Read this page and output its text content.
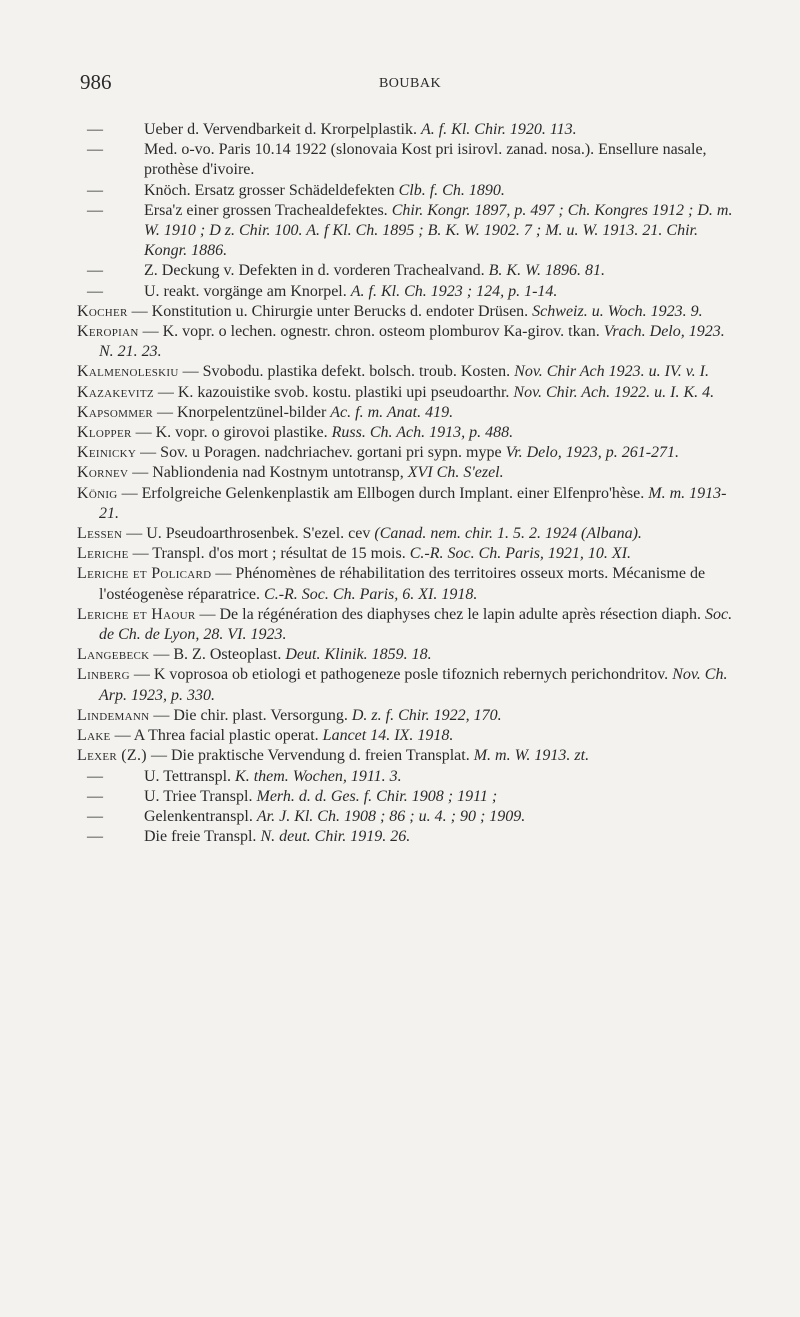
986	BOUBAK

—	Ueber d. Vervendbarkeit d. Krorpelplastik. A. f. Kl. Chir. 1920. 113.

—	Med. o-vo. Paris 10.14 1922 (slonovaia Kost pri isirovl. zanad. nosa.). Ensellure nasale, prothèse d'ivoire.

—	Knöch. Ersatz grosser Schädeldefekten Clb. f. Ch. 1890.

—	Ersa'z einer grossen Trachealdefektes. Chir. Kongr. 1897, p. 497 ; Ch. Kongres 1912 ; D. m. W. 1910 ; D z. Chir. 100. A. f Kl. Ch. 1895 ; B. K. W. 1902. 7 ; M. u. W. 1913. 21. Chir. Kongr. 1886.

—	Z. Deckung v. Defekten in d. vorderen Trachealvand. B. K. W. 1896. 81.

—	U. reakt. vorgänge am Knorpel. A. f. Kl. Ch. 1923 ; 124, p. 1-14.

Kocher — Konstitution u. Chirurgie unter Berucks d. endoter Drüsen. Schweiz. u. Woch. 1923. 9.

Keropian — K. vopr. o lechen. ognestr. chron. osteom plomburov Ka-girov. tkan. Vrach. Delo, 1923. N. 21. 23.

Kalmenoleskiu — Svobodu. plastika defekt. bolsch. troub. Kosten. Nov. Chir Ach 1923. u. IV. v. I.

Kazakevitz — K. kazouistike svob. kostu. plastiki upi pseudoarthr. Nov. Chir. Ach. 1922. u. I. K. 4.

Kapsommer — Knorpelentzünel-bilder Ac. f. m. Anat. 419.

Klopper — K. vopr. o girovoi plastike. Russ. Ch. Ach. 1913, p. 488.

Keinicky — Sov. u Poragen. nadchriachev. gortani pri sypn. mype Vr. Delo, 1923, p. 261-271.

Kornev — Nabliondenia nad Kostnym untotransp, XVI Ch. S'ezel.

König — Erfolgreiche Gelenkenplastik am Ellbogen durch Implant. einer Elfenpro'hèse. M. m. 1913-21.

Lessen — U. Pseudoarthrosenbek. S'ezel. cev (Canad. nem. chir. 1. 5. 2. 1924 (Albana).

Leriche — Transpl. d'os mort ; résultat de 15 mois. C.-R. Soc. Ch. Paris, 1921, 10. XI.

Leriche et Policard — Phénomènes de réhabilitation des territoires osseux morts. Mécanisme de l'ostéogenèse réparatrice. C.-R. Soc. Ch. Paris, 6. XI. 1918.

Leriche et Haour — De la régénération des diaphyses chez le lapin adulte après résection diaph. Soc. de Ch. de Lyon, 28. VI. 1923.

Langebeck — B. Z. Osteoplast. Deut. Klinik. 1859. 18.

Linberg — K voprosoa ob etiologi et pathogeneze posle tifoznich rebernych perichondritov. Nov. Ch. Arp. 1923, p. 330.

Lindemann — Die chir. plast. Versorgung. D. z. f. Chir. 1922, 170.

Lake — A Threa facial plastic operat. Lancet 14. IX. 1918.

Lexer (Z.) — Die praktische Vervendung d. freien Transplat. M. m. W. 1913. zt.

—	U. Tettranspl. K. them. Wochen, 1911. 3.

—	U. Triee Transpl. Merh. d. d. Ges. f. Chir. 1908 ; 1911 ;

—	Gelenkentranspl. Ar. J. Kl. Ch. 1908 ; 86 ; u. 4. ; 90 ; 1909.

—	Die freie Transpl. N. deut. Chir. 1919. 26.
